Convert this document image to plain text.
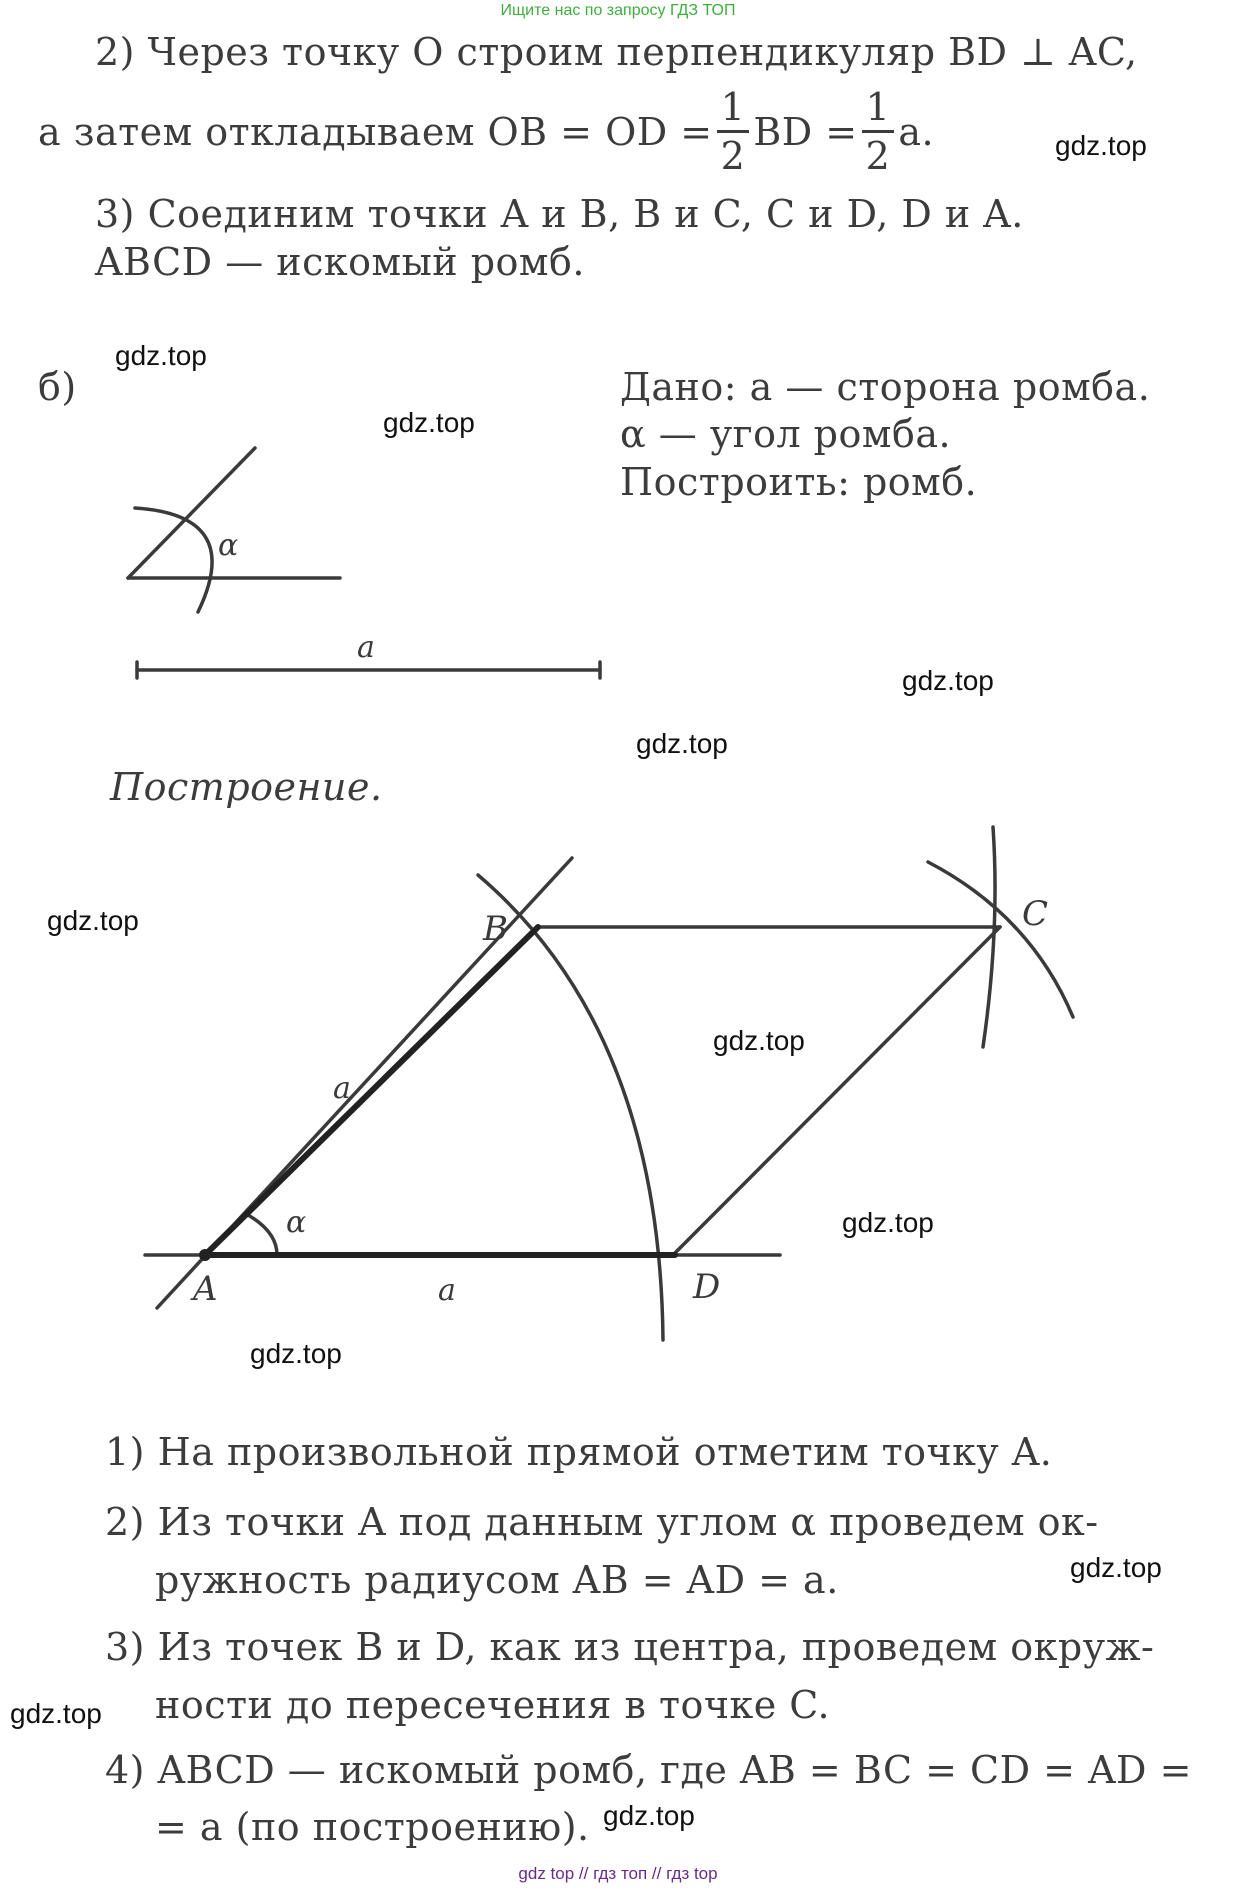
Ищите нас по запросу ГДЗ ТОП
2) Через точку O строим перпендикуляр BD ⊥ AC,
а затем откладываем OB = OD = $\frac{1}{2}$ BD = $\frac{1}{2} a$.
3) Соединим точки A и B, B и C, C и D, D и A.
ABCD — искомый ромб.
б)	Дано: a — сторона ромба.
α — угол ромба.
Построить: ромб.
α
a
Построение.
A
B	C
D
a
a
α
1) На произвольной прямой отметим точку A.
2) Из точки A под данным углом α проведем ок-
ружность радиусом AB = AD = a.
3) Из точек B и D, как из центра, проведем окруж-
ности до пересечения в точке C.
4) ABCD — искомый ромб, где AB = BC = CD = AD =
= a (по построению).
gdz.top
gdz.top
gdz.top
gdz.top
gdz.top
gdz.top
gdz.top
gdz.top
gdz.top
gdz.top
gdz.top
gdz.top
gdz top // гдз топ // гдз top
